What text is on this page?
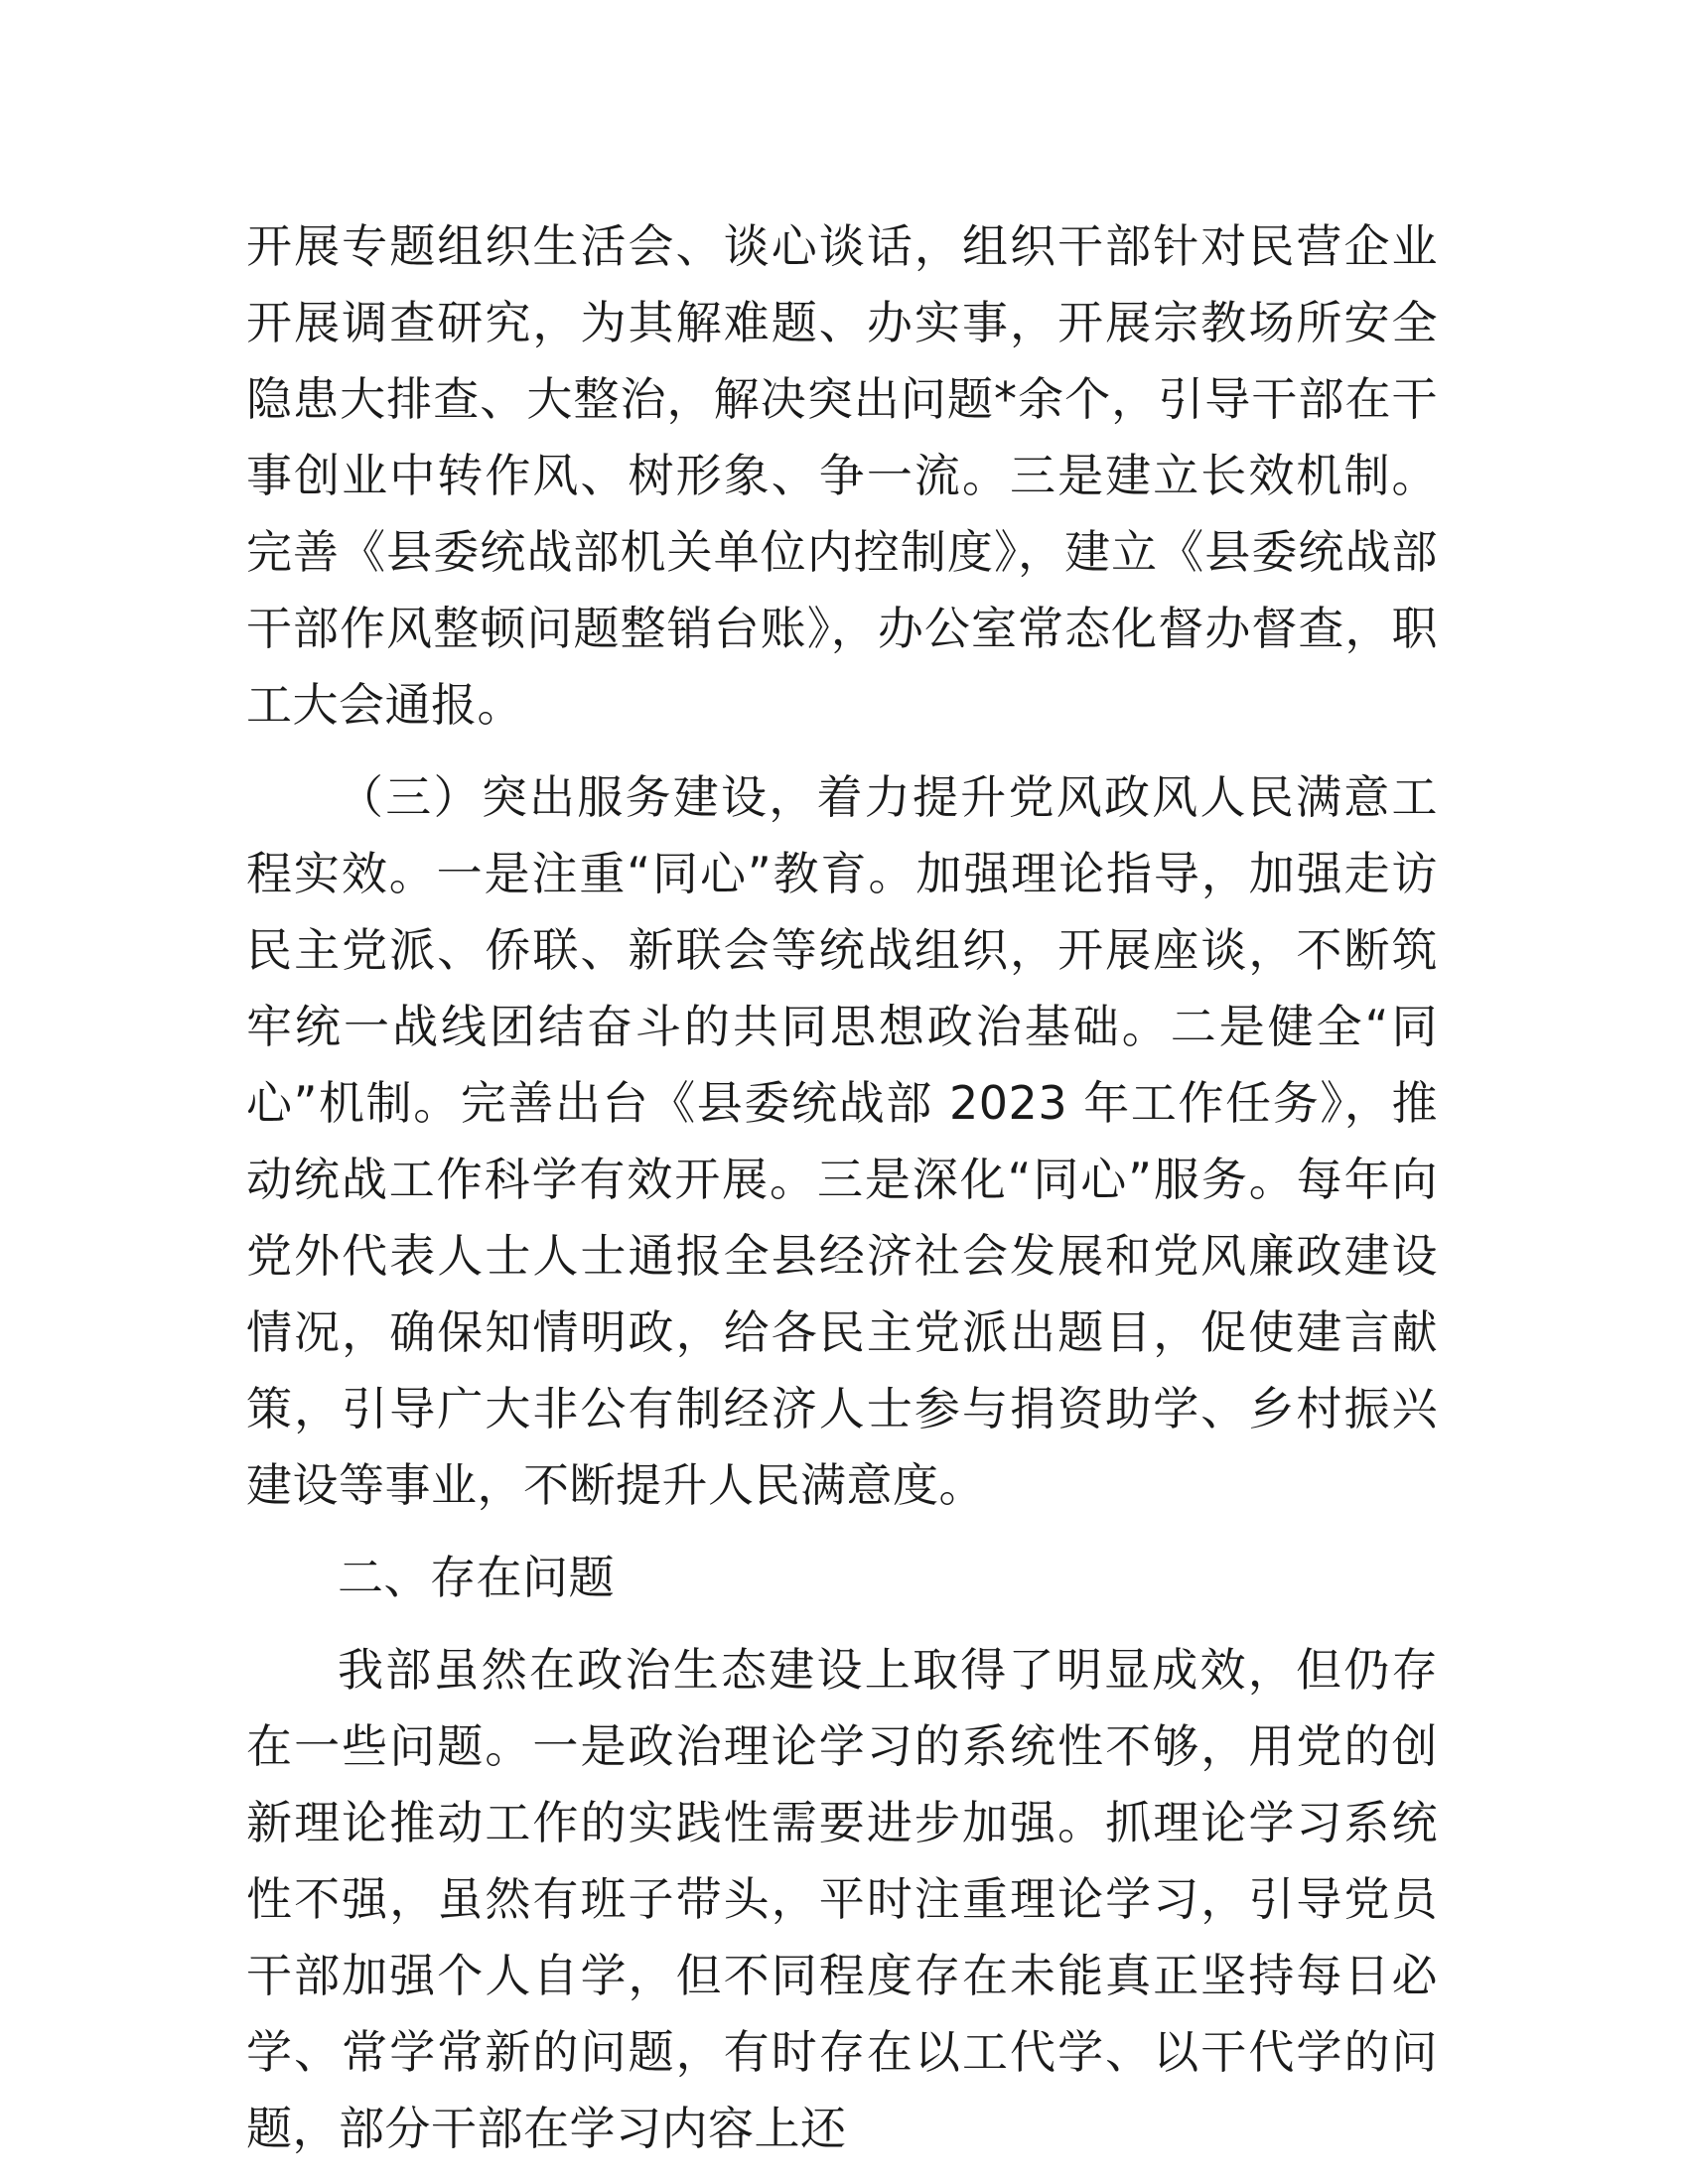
开展专题组织生活会、谈心谈话，组织干部针对民营企业开展调查研究，为其解难题、办实事，开展宗教场所安全隐患大排查、大整治，解决突出问题*余个，引导干部在干事创业中转作风、树形象、争一流。三是建立长效机制。完善《县委统战部机关单位内控制度》，建立《县委统战部干部作风整顿问题整销台账》，办公室常态化督办督查，职工大会通报。

（三）突出服务建设，着力提升党风政风人民满意工程实效。一是注重“同心”教育。加强理论指导，加强走访民主党派、侨联、新联会等统战组织，开展座谈，不断筑牢统一战线团结奋斗的共同思想政治基础。二是健全“同心”机制。完善出台《县委统战部 2023 年工作任务》，推动统战工作科学有效开展。三是深化“同心”服务。每年向党外代表人士人士通报全县经济社会发展和党风廉政建设情况，确保知情明政，给各民主党派出题目，促使建言献策，引导广大非公有制经济人士参与捐资助学、乡村振兴建设等事业，不断提升人民满意度。

二、存在问题

我部虽然在政治生态建设上取得了明显成效，但仍存在一些问题。一是政治理论学习的系统性不够，用党的创新理论推动工作的实践性需要进步加强。抓理论学习系统性不强，虽然有班子带头，平时注重理论学习，引导党员干部加强个人自学，但不同程度存在未能真正坚持每日必学、常学常新的问题，有时存在以工代学、以干代学的问题，部分干部在学习内容上还
